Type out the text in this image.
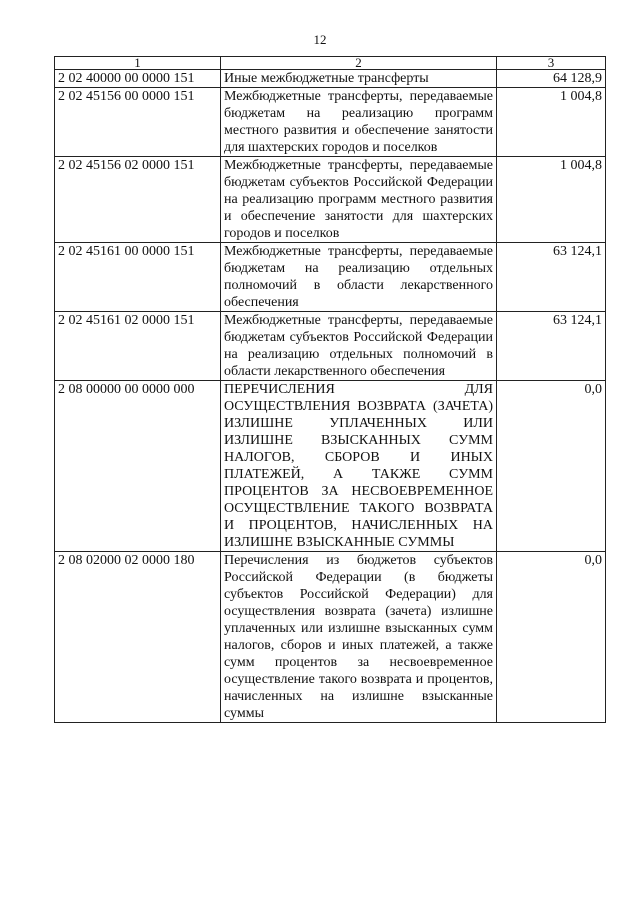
12
1	2	3
2 02 40000 00 0000 151	Иные межбюджетные трансферты	64 128,9
2 02 45156 00 0000 151	Межбюджетные трансферты, передаваемые бюджетам на реализацию программ местного развития и обеспечение занятости для шахтерских городов и поселков	1 004,8
2 02 45156 02 0000 151	Межбюджетные трансферты, передаваемые бюджетам субъектов Российской Федерации на реализацию программ местного развития и обеспечение занятости для шахтерских городов и поселков	1 004,8
2 02 45161 00 0000 151	Межбюджетные трансферты, передаваемые бюджетам на реализацию отдельных полномочий в области лекарственного обеспечения	63 124,1
2 02 45161 02 0000 151	Межбюджетные трансферты, передаваемые бюджетам субъектов Российской Федерации на реализацию отдельных полномочий в области лекарственного обеспечения	63 124,1
2 08 00000 00 0000 000	ПЕРЕЧИСЛЕНИЯ ДЛЯ ОСУЩЕСТВЛЕНИЯ ВОЗВРАТА (ЗАЧЕТА) ИЗЛИШНЕ УПЛАЧЕННЫХ ИЛИ ИЗЛИШНЕ ВЗЫСКАННЫХ СУММ НАЛОГОВ, СБОРОВ И ИНЫХ ПЛАТЕЖЕЙ, А ТАКЖЕ СУММ ПРОЦЕНТОВ ЗА НЕСВОЕВРЕМЕННОЕ ОСУЩЕСТВЛЕНИЕ ТАКОГО ВОЗВРАТА И ПРОЦЕНТОВ, НАЧИСЛЕННЫХ НА ИЗЛИШНЕ ВЗЫСКАННЫЕ СУММЫ	0,0
2 08 02000 02 0000 180	Перечисления из бюджетов субъектов Российской Федерации (в бюджеты субъектов Российской Федерации) для осуществления возврата (зачета) излишне уплаченных или излишне взысканных сумм налогов, сборов и иных платежей, а также сумм процентов за несвоевременное осуществление такого возврата и процентов, начисленных на излишне взысканные суммы	0,0
